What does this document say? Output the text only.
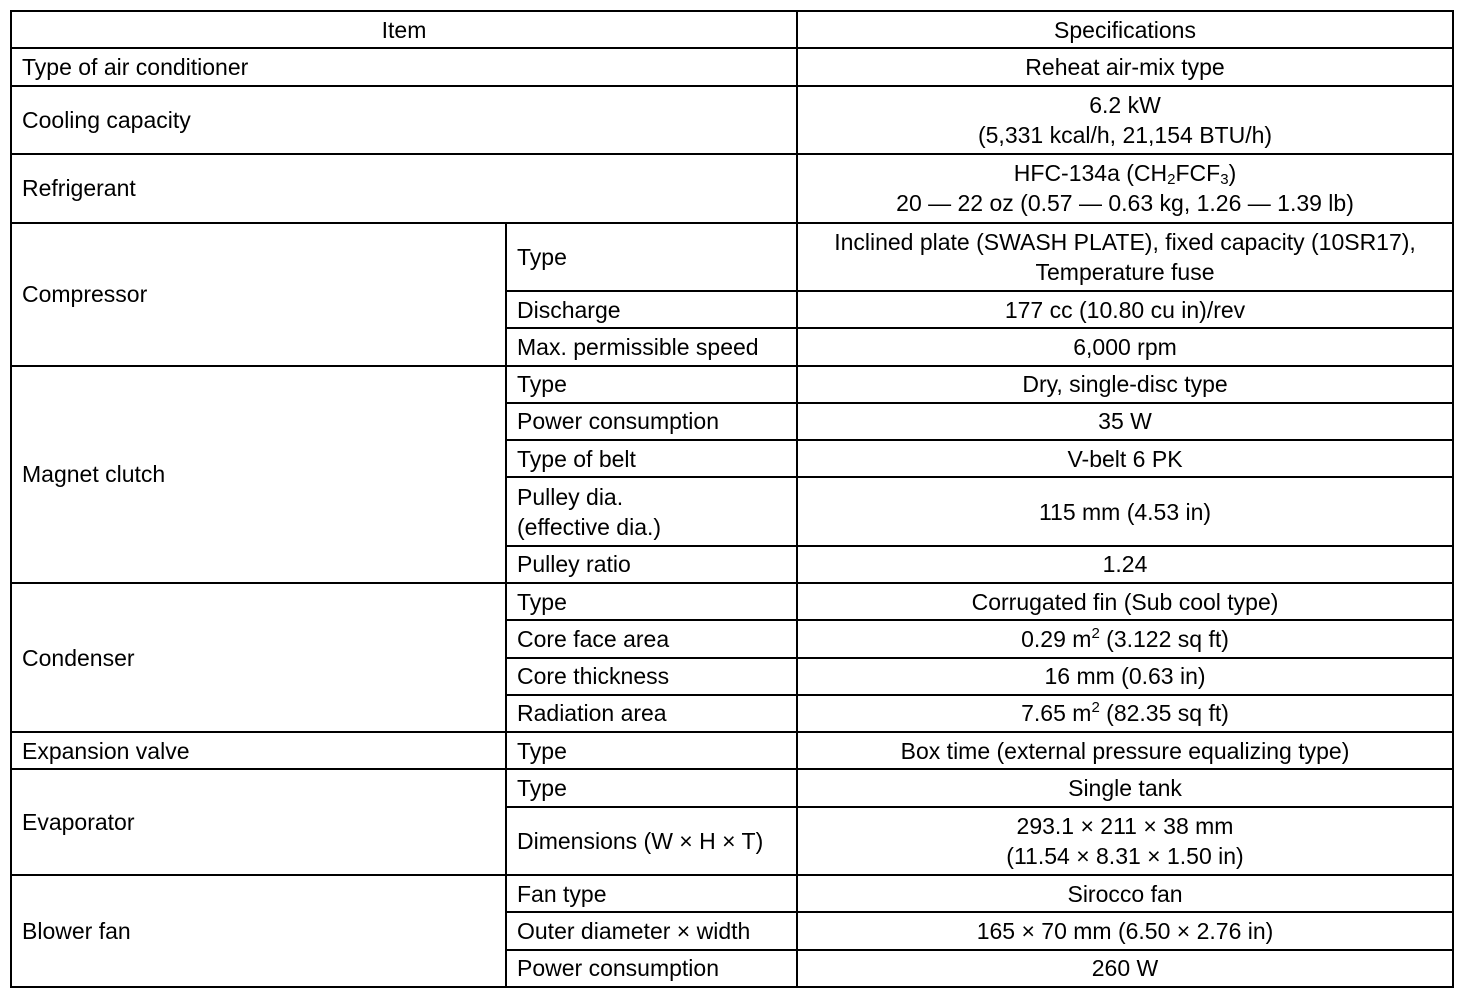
Item		Specifications
Type of air conditioner		Reheat air-mix type
Cooling capacity		6.2 kW
(5,331 kcal/h, 21,154 BTU/h)

Refrigerant		HFC-134a $(CH_2FCF_3)$
20 — 22 oz (0.57 — 0.63 kg, 1.26 — 1.39 lb)

Compressor	Type	Inclined plate (SWASH PLATE), fixed capacity (10SR17),
Temperature fuse

	Discharge	177 cc (10.80 cu in)/rev
	Max. permissible speed	6,000 rpm
Magnet clutch	Type	Dry, single-disc type
	Power consumption	35 W
	Type of belt	V-belt 6 PK

	Pulley dia.
(effective dia.)	115 mm (4.53 in)
	Pulley ratio	1.24
Condenser	Type	Corrugated fin (Sub cool type)
	Core face area	0.29 $m^2$ (3.122 sq ft)
	Core thickness	16 mm (0.63 in)
	Radiation area	7.65 $m^2$ (82.35 sq ft)
Expansion valve	Type	Box time (external pressure equalizing type)
Evaporator	Type	Single tank
	Dimensions (W × H × T)	293.1 × 211 × 38 mm
(11.54 × 8.31 × 1.50 in)

Blower fan	Fan type	Sirocco fan
	Outer diameter × width	165 × 70 mm (6.50 × 2.76 in)
	Power consumption	260 W
